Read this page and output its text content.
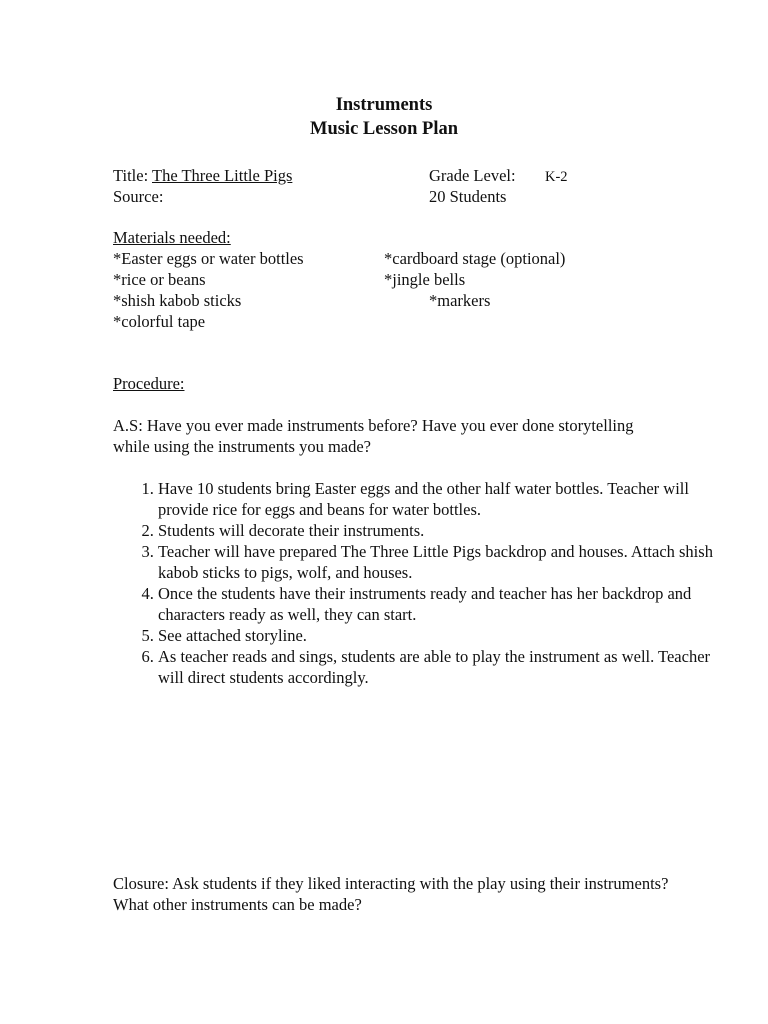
Instruments
Music Lesson Plan
Title: The Three Little Pigs	Grade Level: K-2
Source:	20 Students
Materials needed:
*Easter eggs or water bottles
*rice or beans
*shish kabob sticks
*colorful tape
*cardboard stage (optional)
*jingle bells
*markers
Procedure:
A.S: Have you ever made instruments before? Have you ever done storytelling while using the instruments you made?
1. Have 10 students bring Easter eggs and the other half water bottles. Teacher will provide rice for eggs and beans for water bottles.
2. Students will decorate their instruments.
3. Teacher will have prepared The Three Little Pigs backdrop and houses. Attach shish kabob sticks to pigs, wolf, and houses.
4. Once the students have their instruments ready and teacher has her backdrop and characters ready as well, they can start.
5. See attached storyline.
6. As teacher reads and sings, students are able to play the instrument as well. Teacher will direct students accordingly.
Closure: Ask students if they liked interacting with the play using their instruments? What other instruments can be made?
